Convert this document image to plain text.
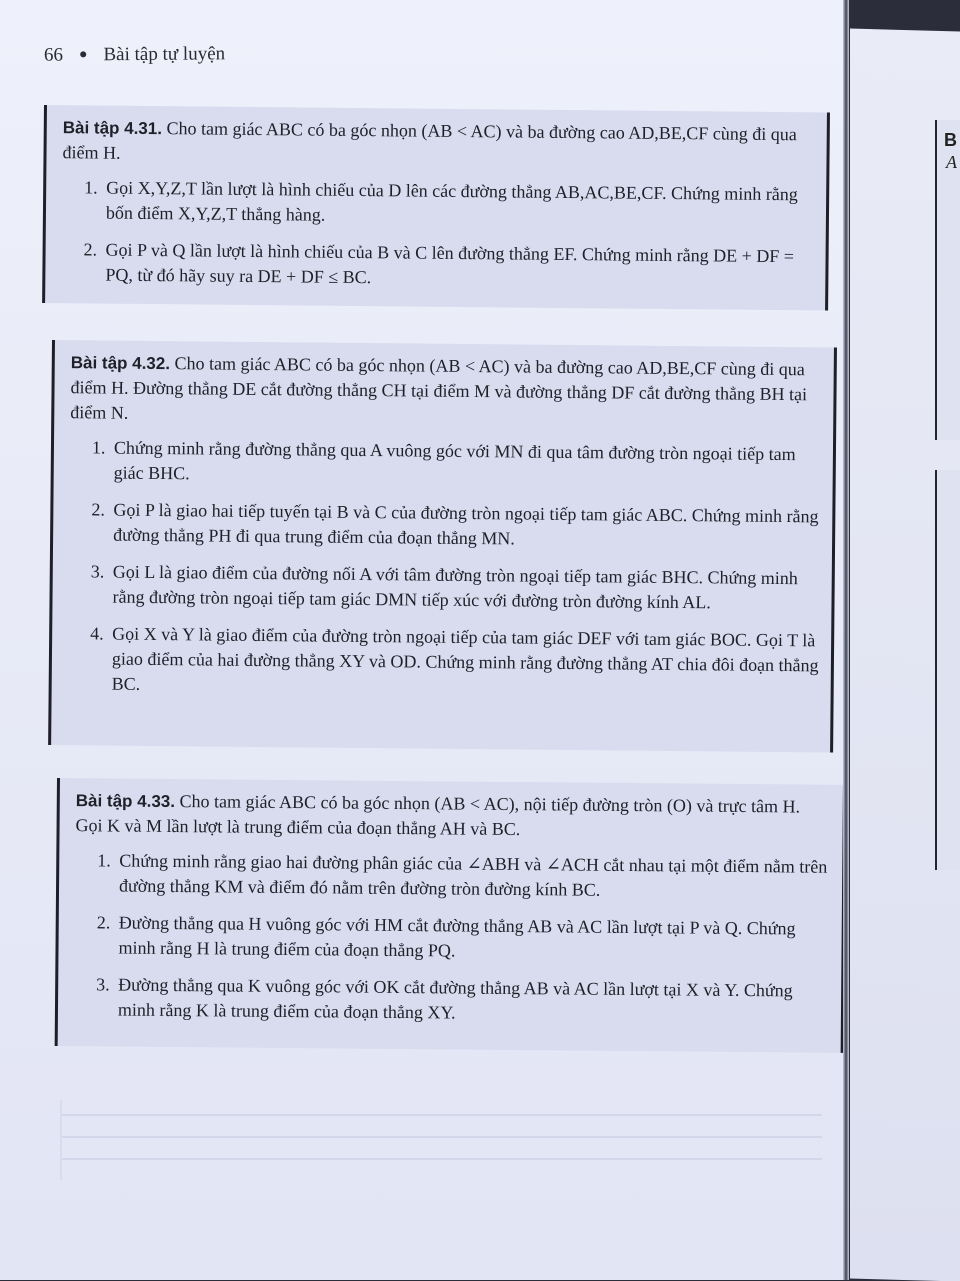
66 ● Bài tập tự luyện

Bài tập 4.31. Cho tam giác ABC có ba góc nhọn (AB < AC) và ba đường cao AD,BE,CF cùng đi qua điểm H.

1. Gọi X,Y,Z,T lần lượt là hình chiếu của D lên các đường thẳng AB,AC,BE,CF. Chứng minh rằng bốn điểm X,Y,Z,T thẳng hàng.
2. Gọi P và Q lần lượt là hình chiếu của B và C lên đường thẳng EF. Chứng minh rằng DE + DF = PQ, từ đó hãy suy ra DE + DF ≤ BC.

Bài tập 4.32. Cho tam giác ABC có ba góc nhọn (AB < AC) và ba đường cao AD,BE,CF cùng đi qua điểm H. Đường thẳng DE cắt đường thẳng CH tại điểm M và đường thẳng DF cắt đường thẳng BH tại điểm N.

1. Chứng minh rằng đường thẳng qua A vuông góc với MN đi qua tâm đường tròn ngoại tiếp tam giác BHC.
2. Gọi P là giao hai tiếp tuyến tại B và C của đường tròn ngoại tiếp tam giác ABC. Chứng minh rằng đường thẳng PH đi qua trung điểm của đoạn thẳng MN.
3. Gọi L là giao điểm của đường nối A với tâm đường tròn ngoại tiếp tam giác BHC. Chứng minh rằng đường tròn ngoại tiếp tam giác DMN tiếp xúc với đường tròn đường kính AL.
4. Gọi X và Y là giao điểm của đường tròn ngoại tiếp của tam giác DEF với tam giác BOC. Gọi T là giao điểm của hai đường thẳng XY và OD. Chứng minh rằng đường thẳng AT chia đôi đoạn thẳng BC.

Bài tập 4.33. Cho tam giác ABC có ba góc nhọn (AB < AC), nội tiếp đường tròn (O) và trực tâm H. Gọi K và M lần lượt là trung điểm của đoạn thẳng AH và BC.

1. Chứng minh rằng giao hai đường phân giác của ∠ABH và ∠ACH cắt nhau tại một điểm nằm trên đường thẳng KM và điểm đó nằm trên đường tròn đường kính BC.
2. Đường thẳng qua H vuông góc với HM cắt đường thẳng AB và AC lần lượt tại P và Q. Chứng minh rằng H là trung điểm của đoạn thẳng PQ.
3. Đường thẳng qua K vuông góc với OK cắt đường thẳng AB và AC lần lượt tại X và Y. Chứng minh rằng K là trung điểm của đoạn thẳng XY.
B
A
